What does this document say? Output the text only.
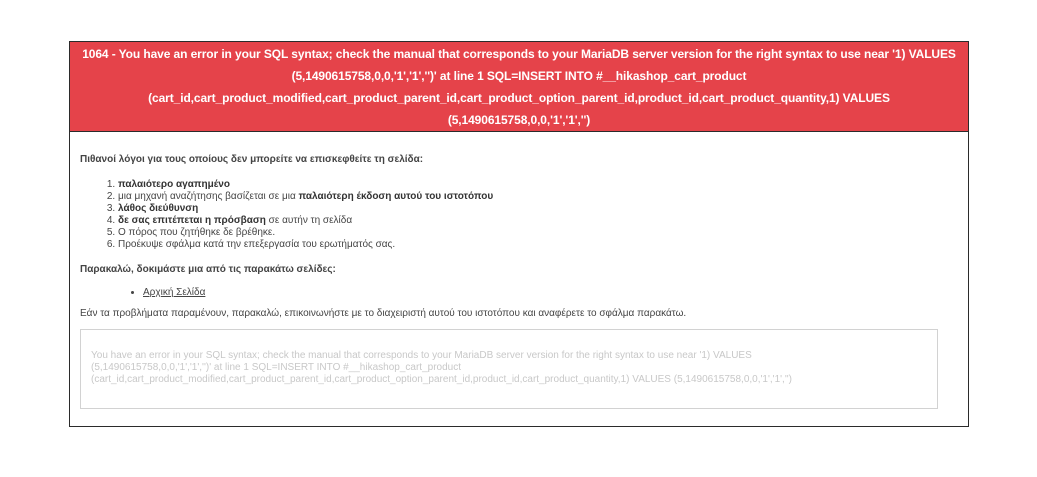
1064 - You have an error in your SQL syntax; check the manual that corresponds to your MariaDB server version for the right syntax to use near '1) VALUES
(5,1490615758,0,0,'1','1','')' at line 1 SQL=INSERT INTO #__hikashop_cart_product
(cart_id,cart_product_modified,cart_product_parent_id,cart_product_option_parent_id,product_id,cart_product_quantity,1) VALUES
(5,1490615758,0,0,'1','1','')
Πιθανοί λόγοι για τους οποίους δεν μπορείτε να επισκεφθείτε τη σελίδα:
1. παλαιότερο αγαπημένο
2. μια μηχανή αναζήτησης βασίζεται σε μια παλαιότερη έκδοση αυτού του ιστοτόπου
3. λάθος διεύθυνση
4. δε σας επιτέπεται η πρόσβαση σε αυτήν τη σελίδα
5. Ο πόρος που ζητήθηκε δε βρέθηκε.
6. Προέκυψε σφάλμα κατά την επεξεργασία του ερωτήματός σας.
Παρακαλώ, δοκιμάστε μια από τις παρακάτω σελίδες:
• Αρχική Σελίδα
Εάν τα προβλήματα παραμένουν, παρακαλώ, επικοινωνήστε με το διαχειριστή αυτού του ιστοτόπου και αναφέρετε το σφάλμα παρακάτω.
You have an error in your SQL syntax; check the manual that corresponds to your MariaDB server version for the right syntax to use near '1) VALUES
(5,1490615758,0,0,'1','1','')' at line 1 SQL=INSERT INTO #__hikashop_cart_product
(cart_id,cart_product_modified,cart_product_parent_id,cart_product_option_parent_id,product_id,cart_product_quantity,1) VALUES (5,1490615758,0,0,'1','1','')
